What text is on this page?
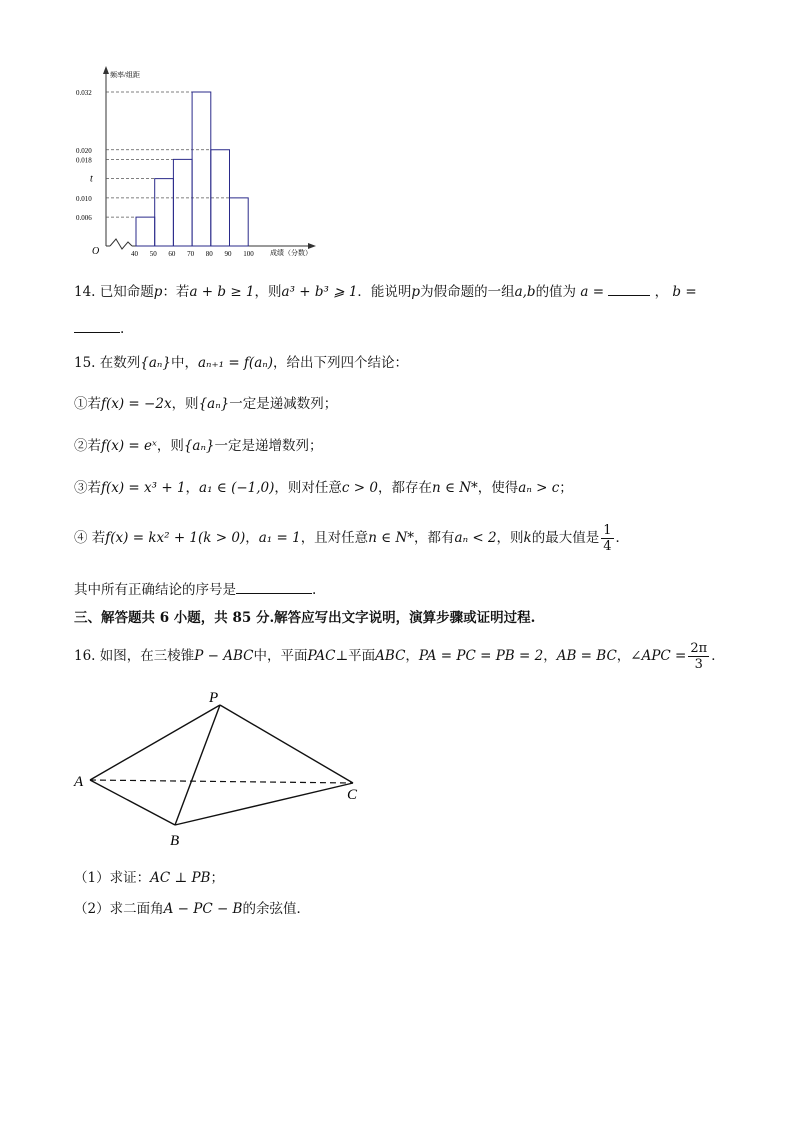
O
频率/组距
成绩（分数）
0.006
t
0.010
0.018
0.020
0.032
40 50 60 70 80 90 100
14. 已知命题p：若a + b ≥ 1，则a³ + b³ ⩾ 1．能说明p为假命题的一组a,b的值为 a =	， b =
.
15. 在数列{aₙ}中，aₙ₊₁ = f(aₙ)，给出下列四个结论：
①若f(x) = −2x，则{aₙ}一定是递减数列；
②若f(x) = eˣ，则{aₙ}一定是递增数列；
③若f(x) = x³ + 1，a₁ ∈ (−1,0)，则对任意c > 0，都存在n ∈ N*，使得aₙ > c；
④ 若f(x) = kx² + 1(k > 0)，a₁ = 1，且对任意n ∈ N*，都有aₙ < 2，则k的最大值是 $\frac{1}{4}$ ．
其中所有正确结论的序号是	.
三、解答题共 6 小题，共 85 分.解答应写出文字说明，演算步骤或证明过程.
16. 如图，在三棱锥P − ABC中，平面PAC⊥平面ABC，PA = PC = PB = 2，AB = BC，∠APC = $\frac{2\pi}{3}$ ．
P
A
B
C
（1）求证：AC ⊥ PB；
（2）求二面角A − PC − B的余弦值．
